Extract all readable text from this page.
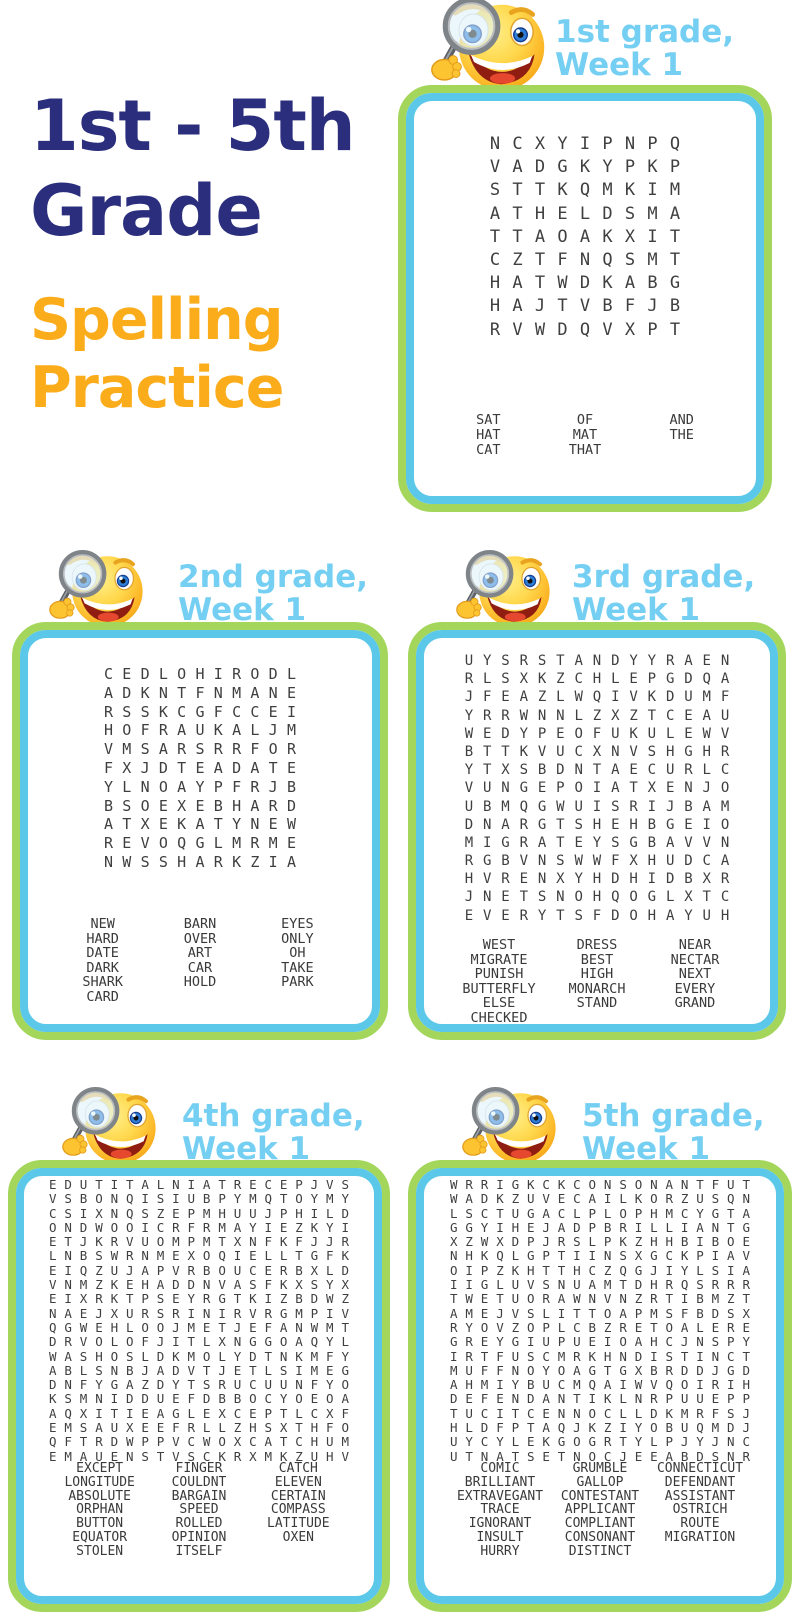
1st - 5th
Grade
Spelling
Practice
1st grade,
Week 1
N C X Y I P N P Q
V A D G K Y P K P
S T T K Q M K I M
A T H E L D S M A
T T A O A K X I T
C Z T F N Q S M T
H A T W D K A B G
H A J T V B F J B
R V W D Q V X P T
SAT
HAT
CAT
OF
MAT
THAT
AND
THE
2nd grade,
Week 1
C E D L O H I R O D L
A D K N T F N M A N E
R S S K C G F C C E I
H O F R A U K A L J M
V M S A R S R R F O R
F X J D T E A D A T E
Y L N O A Y P F R J B
B S O E X E B H A R D
A T X E K A T Y N E W
R E V O Q G L M R M E
N W S S H A R K Z I A
NEW
HARD
DATE
DARK
SHARK
CARD
BARN
OVER
ART
CAR
HOLD
EYES
ONLY
OH
TAKE
PARK
3rd grade,
Week 1
U Y S R S T A N D Y Y R A E N
R L S X K Z C H L E P G D Q A
J F E A Z L W Q I V K D U M F
Y R R W N N L Z X Z T C E A U
W E D Y P E O F U K U L E W V
B T T K V U C X N V S H G H R
Y T X S B D N T A E C U R L C
V U N G E P O I A T X E N J O
U B M Q G W U I S R I J B A M
D N A R G T S H E H B G E I O
M I G R A T E Y S G B A V V N
R G B V N S W W F X H U D C A
H V R E N X Y H D H I D B X R
J N E T S N O H Q O G L X T C
E V E R Y T S F D O H A Y U H
WEST
MIGRATE
PUNISH
BUTTERFLY
ELSE
CHECKED
DRESS
BEST
HIGH
MONARCH
STAND
NEAR
NECTAR
NEXT
EVERY
GRAND
4th grade,
Week 1
E D U T I T A L N I A T R E C E P J V S
V S B O N Q I S I U B P Y M Q T O Y M Y
C S I X N Q S Z E P M H U U J P H I L D
O N D W O O I C R F R M A Y I E Z K Y I
E T J K R V U O M P M T X N F K F J J R
L N B S W R N M E X O Q I E L L T G F K
E I Q Z U J A P V R B O U C E R B X L D
V N M Z K E H A D D N V A S F K X S Y X
E I X R K T P S E Y R G T K I Z B D W Z
N A E J X U R S R I N I R V R G M P I V
Q G W E H L O O J M E T J E F A N W M T
D R V O L O F J I T L X N G G O A Q Y L
W A S H O S L D K M O L Y D T N K M F Y
A B L S N B J A D V T J E T L S I M E G
D N F Y G A Z D Y T S R U C U U N F Y O
K S M N I D D U E F D B B O C Y O E O A
A Q X I T I E A G L E X C E P T L C X F
E M S A U X E E F R L L Z H S X T H F O
Q F T R D W P P V C W O X C A T C H U M
E M A U E N S T V S C K R X M K Z U H V
EXCEPT
LONGITUDE
ABSOLUTE
ORPHAN
BUTTON
EQUATOR
STOLEN
FINGER
COULDNT
BARGAIN
SPEED
ROLLED
OPINION
ITSELF
CATCH
ELEVEN
CERTAIN
COMPASS
LATITUDE
OXEN
5th grade,
Week 1
W R R I G K C K C O N S O N A N T F U T
W A D K Z U V E C A I L K O R Z U S Q N
L S C T U G A C L P L O P H M C Y G T A
G G Y I H E J A D P B R I L L I A N T G
X Z W X D P J R S L P K Z H H B I B O E
N H K Q L G P T I I N S X G C K P I A V
O I P Z K H T T H C Z Q G J I Y L S I A
I I G L U V S N U A M T D H R Q S R R R
T W E T U O R A W N V N Z R T I B M Z T
A M E J V S L I T T O A P M S F B D S X
R Y O V Z O P L C B Z R E T O A L E R E
G R E Y G I U P U E I O A H C J N S P Y
I R T F U S C M R K H N D I S T I N C T
M U F F N O Y O A G T G X B R D D J G D
A H M I Y B U C M Q A I W V Q O I R I H
D E F E N D A N T I K L N R P U U E P P
T U C I T C E N N O C L L D K M R F S J
H L D F P T A Q J K Z I Y O B U Q M D J
U Y C Y L E K G O G R T Y L P J Y J N C
U T N A T S E T N O C J E E A B D S N R
COMIC
BRILLIANT
EXTRAVEGANT
TRACE
IGNORANT
INSULT
HURRY
GRUMBLE
GALLOP
CONTESTANT
APPLICANT
COMPLIANT
CONSONANT
DISTINCT
CONNECTICUT
DEFENDANT
ASSISTANT
OSTRICH
ROUTE
MIGRATION
